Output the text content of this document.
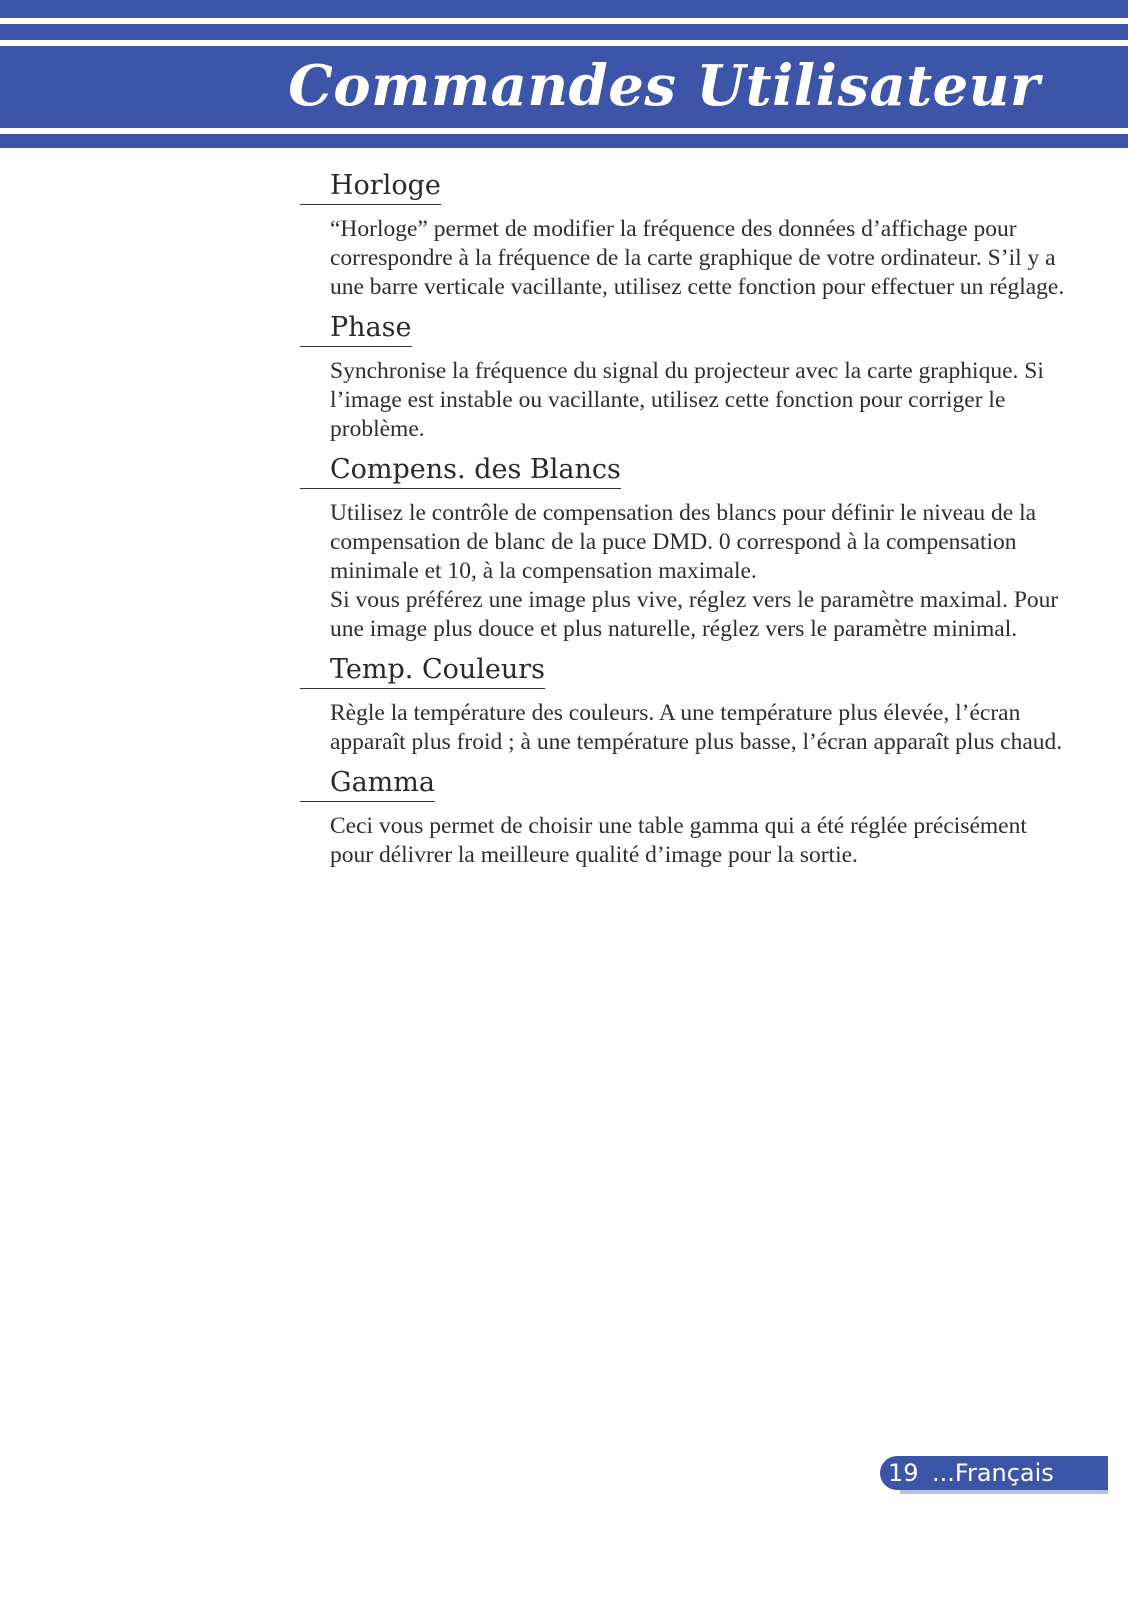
Commandes Utilisateur
Horloge

“Horloge” permet de modifier la fréquence des données d’affichage pour correspondre à la fréquence de la carte graphique de votre ordinateur. S’il y a une barre verticale vacillante, utilisez cette fonction pour effectuer un réglage.

Phase

Synchronise la fréquence du signal du projecteur avec la carte graphique. Si l’image est instable ou vacillante, utilisez cette fonction pour corriger le problème.

Compens. des Blancs

Utilisez le contrôle de compensation des blancs pour définir le niveau de la compensation de blanc de la puce DMD. 0 correspond à la compensation minimale et 10, à la compensation maximale.

Si vous préférez une image plus vive, réglez vers le paramètre maximal. Pour une image plus douce et plus naturelle, réglez vers le paramètre minimal.

Temp. Couleurs

Règle la température des couleurs. A une température plus élevée, l’écran apparaît plus froid ; à une température plus basse, l’écran apparaît plus chaud.

Gamma

Ceci vous permet de choisir une table gamma qui a été réglée précisément pour délivrer la meilleure qualité d’image pour la sortie.

19 ...Français
